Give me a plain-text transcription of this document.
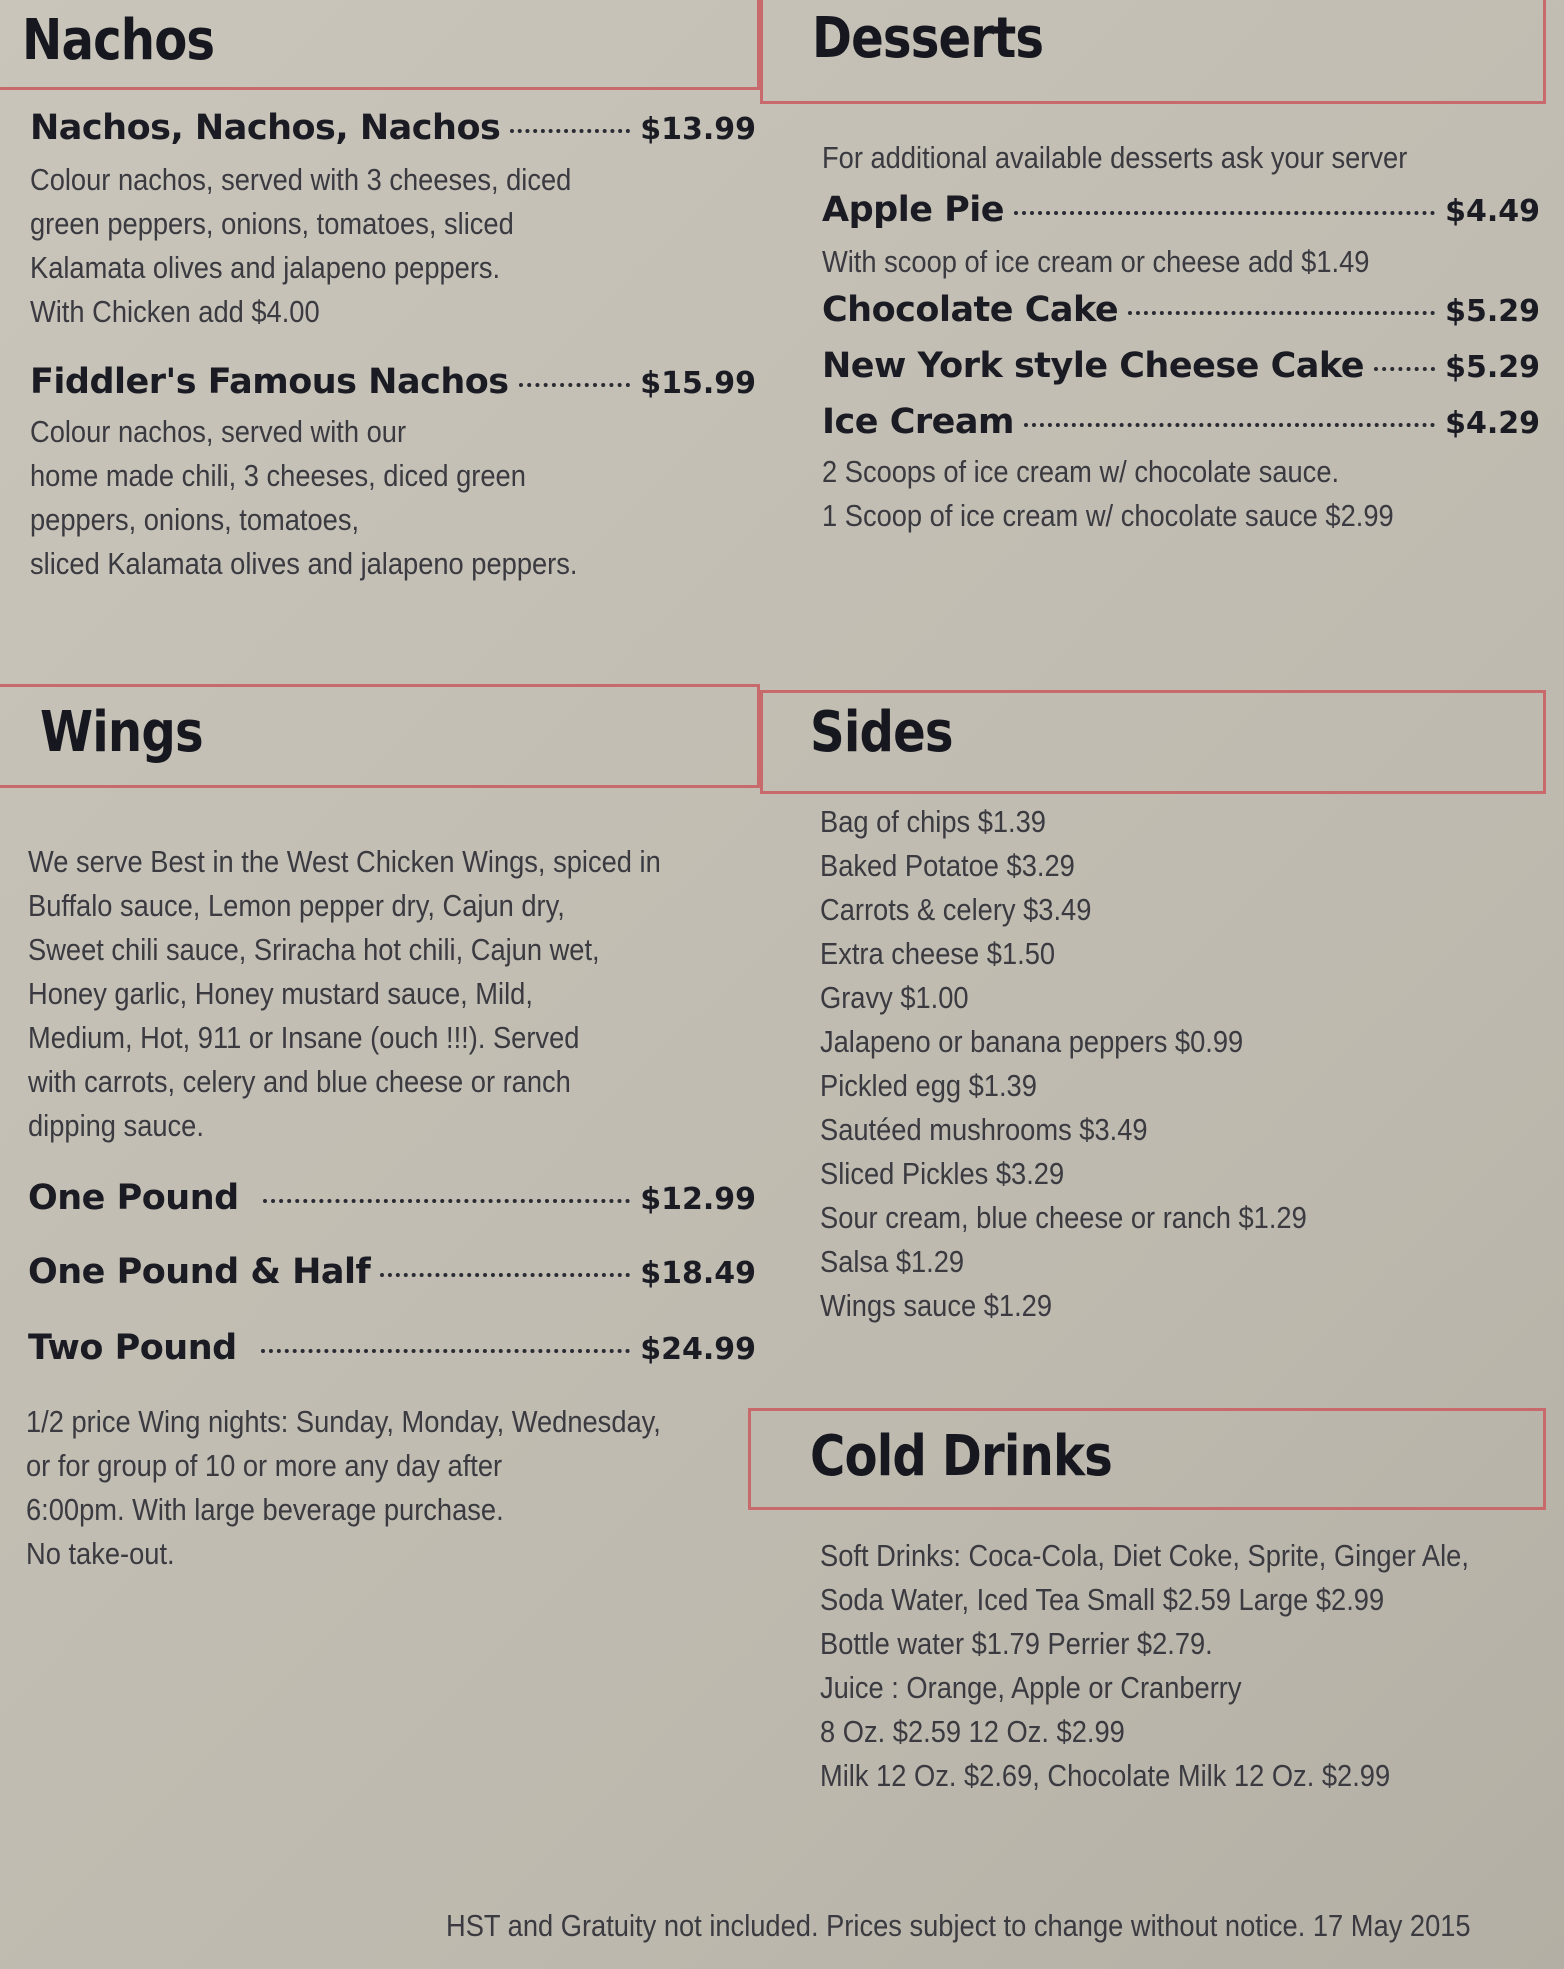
Nachos	Desserts
Wings	Sides
Cold Drinks
Nachos, Nachos, Nachos	$13.99
Colour nachos, served with 3 cheeses, diced
green peppers, onions, tomatoes, sliced
Kalamata olives and jalapeno peppers.
With Chicken add $4.00
Fiddler's Famous Nachos	$15.99
Colour nachos, served with our
home made chili, 3 cheeses, diced green
peppers, onions, tomatoes,
sliced Kalamata olives and jalapeno peppers.
For additional available desserts ask your server
Apple Pie	$4.49
With scoop of ice cream or cheese add $1.49
Chocolate Cake	$5.29
New York style Cheese Cake	$5.29
Ice Cream	$4.29
2 Scoops of ice cream w/ chocolate sauce.
1 Scoop of ice cream w/ chocolate sauce $2.99
We serve Best in the West Chicken Wings, spiced in
Buffalo sauce, Lemon pepper dry, Cajun dry,
Sweet chili sauce, Sriracha hot chili, Cajun wet,
Honey garlic, Honey mustard sauce, Mild,
Medium, Hot, 911 or Insane (ouch !!!). Served
with carrots, celery and blue cheese or ranch
dipping sauce.
One Pound	$12.99
One Pound & Half	$18.49
Two Pound	$24.99
1/2 price Wing nights: Sunday, Monday, Wednesday,
or for group of 10 or more any day after
6:00pm. With large beverage purchase.
No take-out.
Bag of chips $1.39
Baked Potatoe $3.29
Carrots & celery $3.49
Extra cheese $1.50
Gravy $1.00
Jalapeno or banana peppers $0.99
Pickled egg $1.39
Sautéed mushrooms $3.49
Sliced Pickles $3.29
Sour cream, blue cheese or ranch $1.29
Salsa $1.29
Wings sauce $1.29
Soft Drinks: Coca-Cola, Diet Coke, Sprite, Ginger Ale,
Soda Water, Iced Tea Small $2.59 Large $2.99
Bottle water $1.79 Perrier $2.79.
Juice : Orange, Apple or Cranberry
8 Oz. $2.59 12 Oz. $2.99
Milk 12 Oz. $2.69, Chocolate Milk 12 Oz. $2.99
HST and Gratuity not included. Prices subject to change without notice. 17 May 2015
